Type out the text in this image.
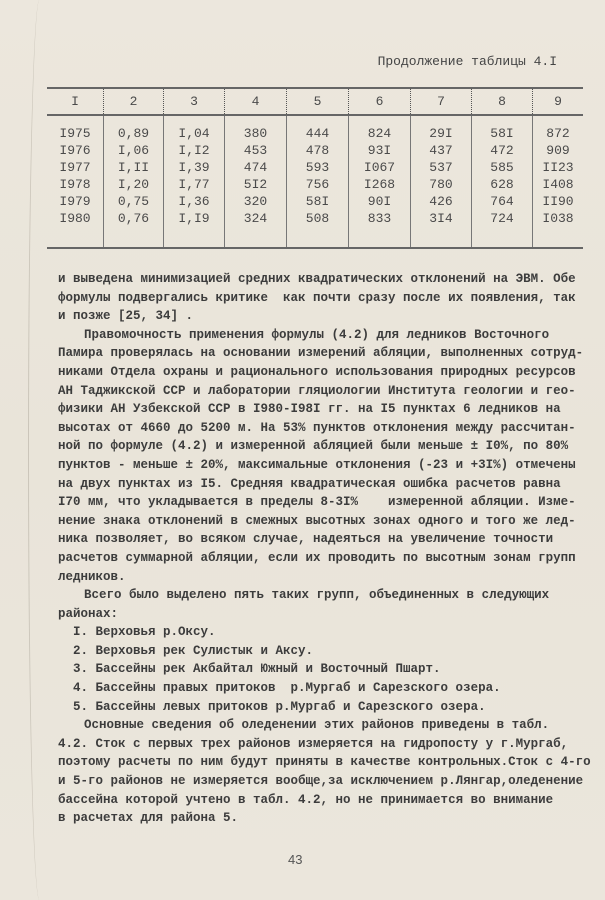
Продолжение таблицы 4.I
I	2	3	4	5	6	7	8	9
I975	0,89	I,04	380	444	824	29I	58I	872
I976	I,06	I,I2	453	478	93I	437	472	909
I977	I,II	I,39	474	593	I067	537	585	II23
I978	I,20	I,77	5I2	756	I268	780	628	I408
I979	0,75	I,36	320	58I	90I	426	764	II90
I980	0,76	I,I9	324	508	833	3I4	724	I038

и выведена минимизацией средних квадратических отклонений на ЭВМ. Обе
формулы подвергались критике  как почти сразу после их появления, так
и позже [25, 34] .
Правомочность применения формулы (4.2) для ледников Восточного
Памира проверялась на основании измерений абляции, выполненных сотруд-
никами Отдела охраны и рационального использования природных ресурсов
АН Таджикской ССР и лаборатории гляциологии Института геологии и гео-
физики АН Узбекской ССР в I980-I98I гг. на I5 пунктах 6 ледников на
высотах от 4660 до 5200 м. На 53% пунктов отклонения между рассчитан-
ной по формуле (4.2) и измеренной абляцией были меньше ± I0%, по 80%
пунктов - меньше ± 20%, максимальные отклонения (-23 и +3I%) отмечены
на двух пунктах из I5. Средняя квадратическая ошибка расчетов равна
I70 мм, что укладывается в пределы 8-3I%    измеренной абляции. Изме-
нение знака отклонений в смежных высотных зонах одного и того же лед-
ника позволяет, во всяком случае, надеяться на увеличение точности
расчетов суммарной абляции, если их проводить по высотным зонам групп
ледников.
Всего было выделено пять таких групп, объединенных в следующих
районах:
I. Верховья р.Оксу.
2. Верховья рек Сулистык и Аксу.
3. Бассейны рек Акбайтал Южный и Восточный Пшарт.
4. Бассейны правых притоков  р.Мургаб и Сарезского озера.
5. Бассейны левых притоков р.Мургаб и Сарезского озера.
Основные сведения об оледенении этих районов приведены в табл.
4.2. Сток с первых трех районов измеряется на гидропосту у г.Мургаб,
поэтому расчеты по ним будут приняты в качестве контрольных.Сток с 4-го
и 5-го районов не измеряется вообще,за исключением р.Лянгар,оледенение
бассейна которой учтено в табл. 4.2, но не принимается во внимание
в расчетах для района 5.
43
